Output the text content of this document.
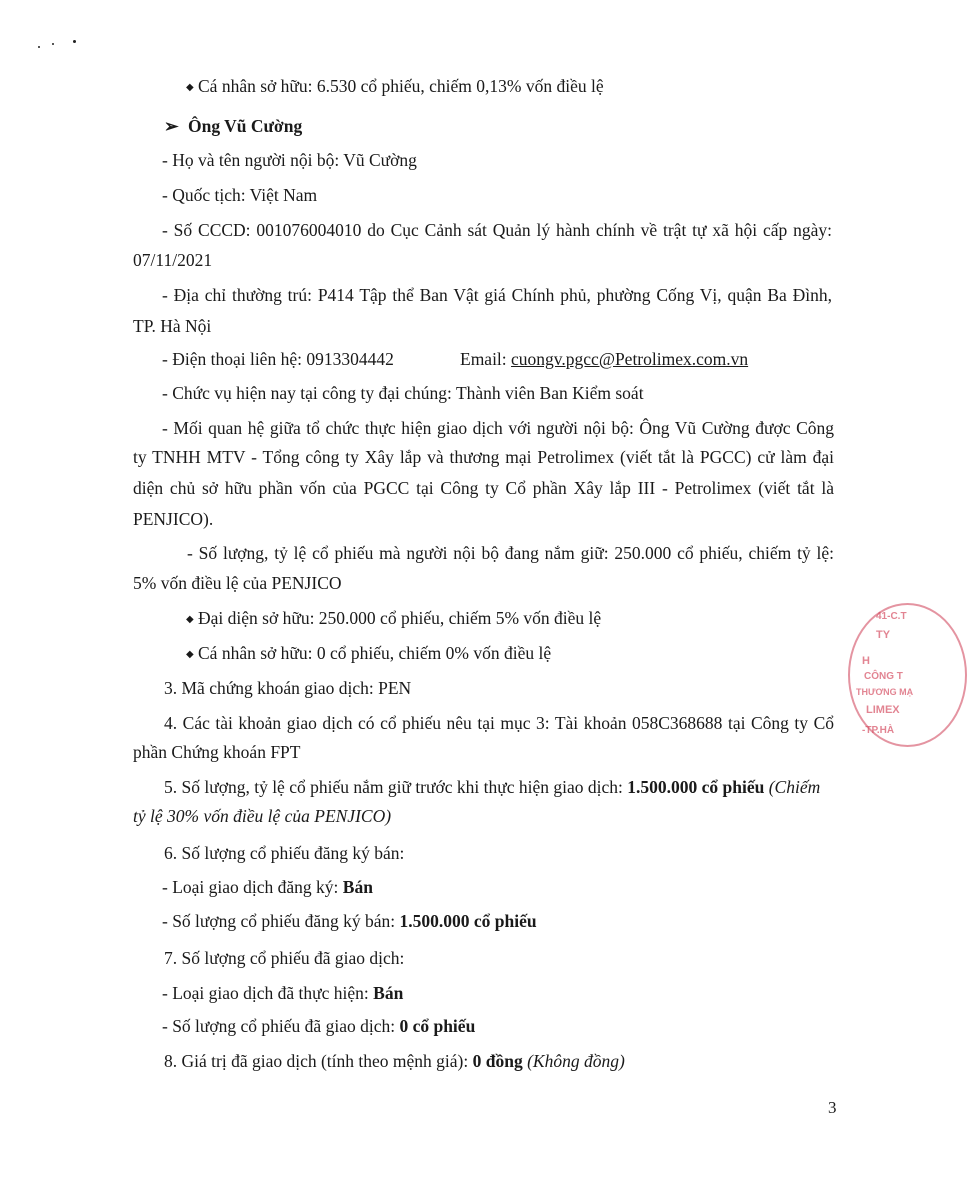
◆ Cá nhân sở hữu: 6.530 cổ phiếu, chiếm 0,13% vốn điều lệ
➢ Ông Vũ Cường
- Họ và tên người nội bộ: Vũ Cường
- Quốc tịch: Việt Nam
- Số CCCD: 001076004010 do Cục Cảnh sát Quản lý hành chính về trật tự xã hội cấp ngày:
07/11/2021
- Địa chỉ thường trú: P414 Tập thể Ban Vật giá Chính phủ, phường Cống Vị, quận Ba Đình,
TP. Hà Nội
- Điện thoại liên hệ: 0913304442	Email: cuongv.pgcc@Petrolimex.com.vn
- Chức vụ hiện nay tại công ty đại chúng: Thành viên Ban Kiểm soát
- Mối quan hệ giữa tổ chức thực hiện giao dịch với người nội bộ: Ông Vũ Cường được Công
ty TNHH MTV - Tổng công ty Xây lắp và thương mại Petrolimex (viết tắt là PGCC) cử làm đại
diện chủ sở hữu phần vốn của PGCC tại Công ty Cổ phần Xây lắp III - Petrolimex (viết tắt là
PENJICO).
- Số lượng, tỷ lệ cổ phiếu mà người nội bộ đang nắm giữ: 250.000 cổ phiếu, chiếm tỷ lệ:
5% vốn điều lệ của PENJICO
◆ Đại diện sở hữu: 250.000 cổ phiếu, chiếm 5% vốn điều lệ
◆ Cá nhân sở hữu: 0 cổ phiếu, chiếm 0% vốn điều lệ
3. Mã chứng khoán giao dịch: PEN
4. Các tài khoản giao dịch có cổ phiếu nêu tại mục 3: Tài khoản 058C368688 tại Công ty Cổ
phần Chứng khoán FPT
5. Số lượng, tỷ lệ cổ phiếu nắm giữ trước khi thực hiện giao dịch: 1.500.000 cổ phiếu (Chiếm
tỷ lệ 30% vốn điều lệ của PENJICO)
6. Số lượng cổ phiếu đăng ký bán:
- Loại giao dịch đăng ký: Bán
- Số lượng cổ phiếu đăng ký bán: 1.500.000 cổ phiếu
7. Số lượng cổ phiếu đã giao dịch:
- Loại giao dịch đã thực hiện: Bán
- Số lượng cổ phiếu đã giao dịch: 0 cổ phiếu
8. Giá trị đã giao dịch (tính theo mệnh giá): 0 đồng (Không đồng)
41-C.T
TY
H
CÔNG T
THƯƠNG MẠ
LIMEX
-TP.HÀ
3
